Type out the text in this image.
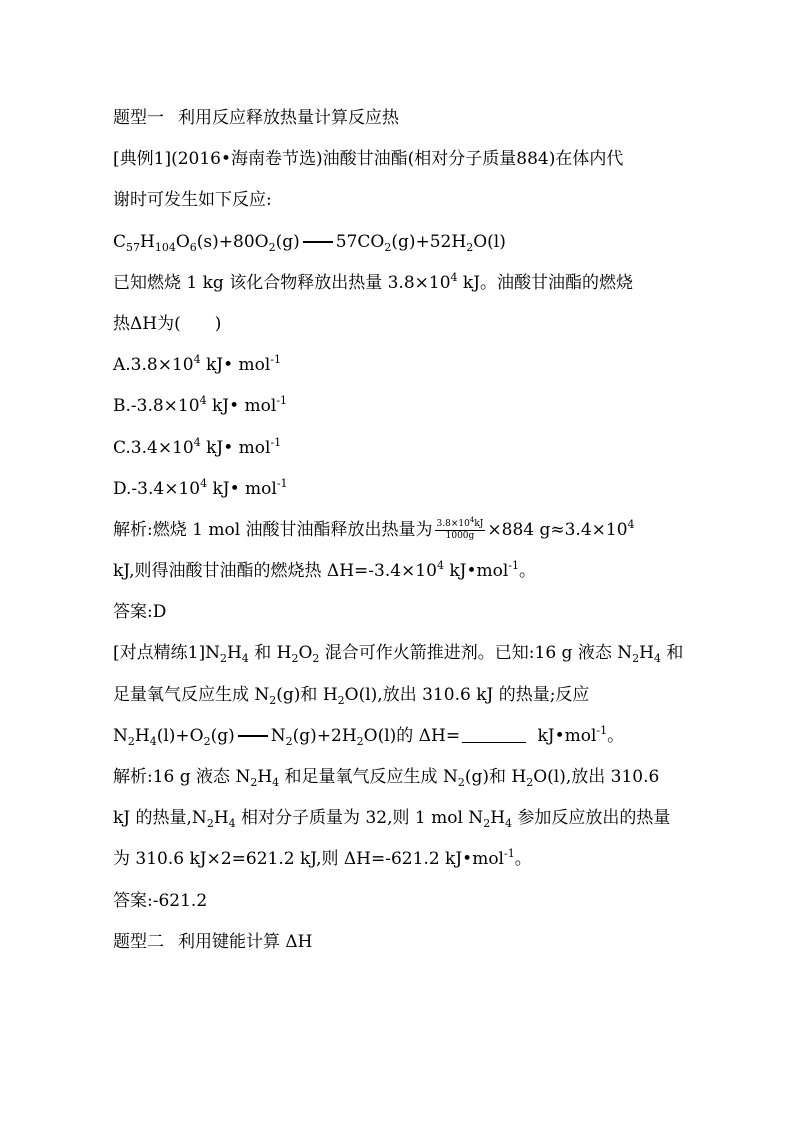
题型一 利用反应释放热量计算反应热
[典例1](2016•海南卷节选)油酸甘油酯(相对分子质量884)在体内代
谢时可发生如下反应:
$C_{57}H_{104}O_6(s)+80O_2(g)$ $57CO_2(g)+52H_2O(l)$
已知燃烧 1 kg 该化合物释放出热量 $3.8\times 10^4$ kJ。油酸甘油酯的燃烧
热ΔH为(　　)
$A.3.8\times 10^4$ kJ• mol$^{-1}$
$B.-3.8\times 10^4$ kJ• mol$^{-1}$
$C.3.4\times 10^4$ kJ• mol$^{-1}$
$D.-3.4\times 10^4$ kJ• mol$^{-1}$
解析:燃烧 1 mol 油酸甘油酯释放出热量为 $\frac{3.8\times 10^4kJ}{1000g} \times 884$ $g\approx 3.4\times 10^4$
kJ,则得油酸甘油酯的燃烧热 $\Delta H=-3.4\times 10^4$ kJ•mol$^{-1}$。
答案:D
[对点精练$1]N_2H_4$ 和 $H_2O_2$ 混合可作火箭推进剂。已知:16 g 液态 $N_2H_4$ 和
足量氧气反应生成 $N_2(g)$和 $H_2O(l)$,放出 310.6 kJ 的热量;反应
$N_2H_4(l)+O_2(g)$ $N_2(g)+2H_2O(l)$的 ΔH=	kJ•mol$^{-1}$。
解析:16 g 液态 $N_2H_4$ 和足量氧气反应生成 $N_2(g)$和 $H_2O(l)$,放出 310.6
kJ 的热量$,N_2H_4$ 相对分子质量为 32,则 1 mol $N_2H_4$ 参加反应放出的热量
为 310.6 kJ×2=621.2 kJ,则 ΔH=-621.2 kJ•mol$^{-1}$。
答案:-621.2
题型二 利用键能计算 ΔH
